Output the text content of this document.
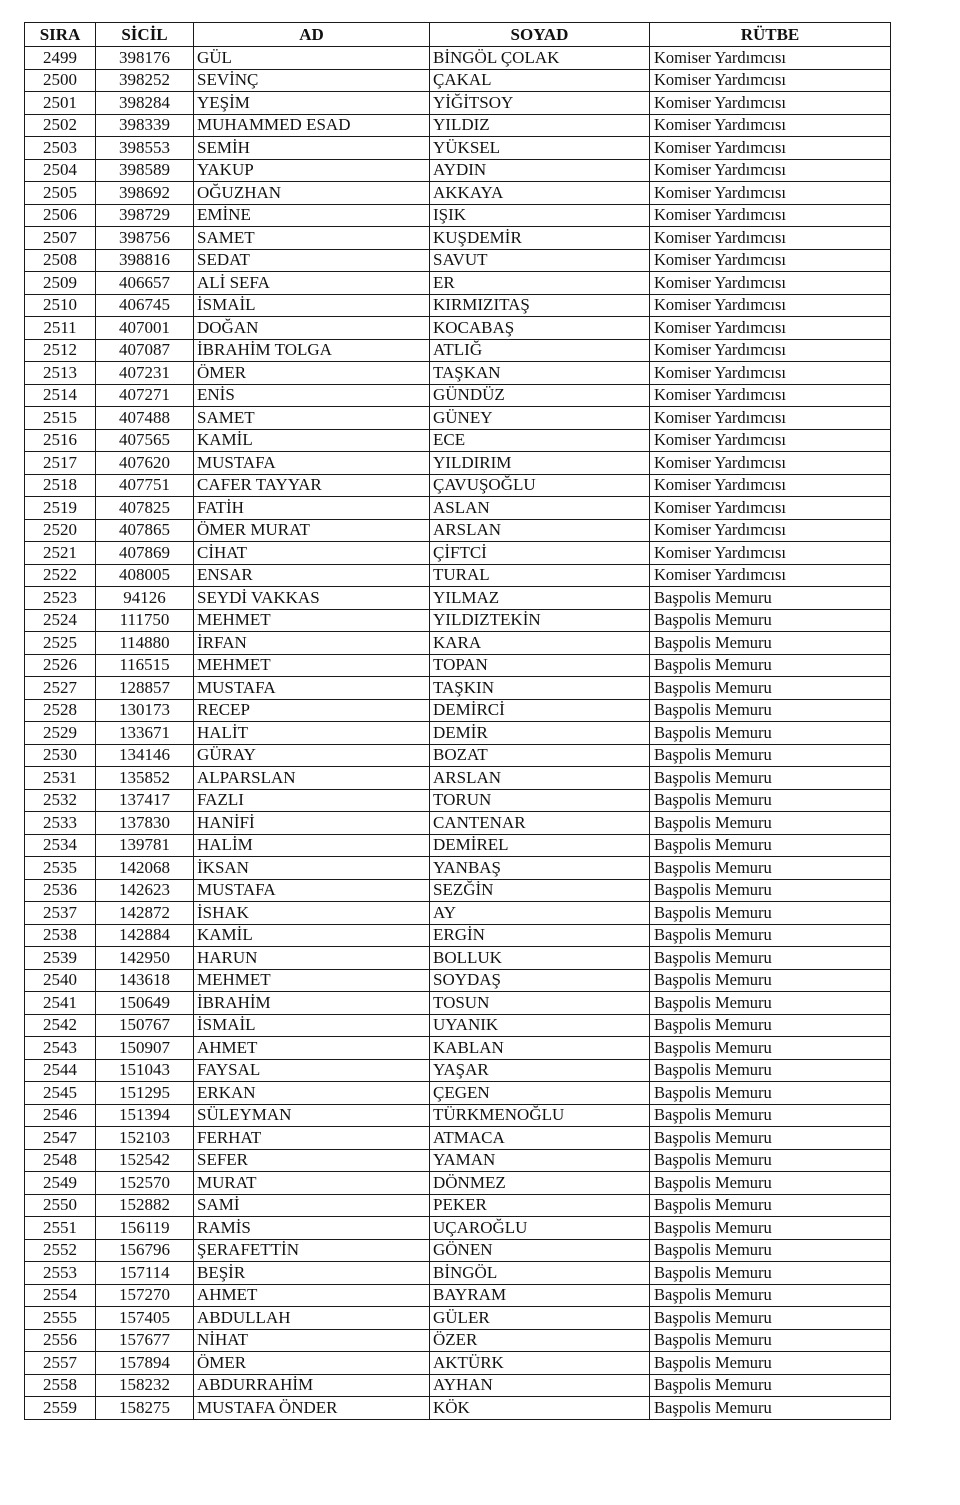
SIRA	SİCİL	AD	SOYAD	RÜTBE
2499	398176	GÜL	BİNGÖL ÇOLAK	Komiser Yardımcısı
2500	398252	SEVİNÇ	ÇAKAL	Komiser Yardımcısı
2501	398284	YEŞİM	YİĞİTSOY	Komiser Yardımcısı
2502	398339	MUHAMMED ESAD	YILDIZ	Komiser Yardımcısı
2503	398553	SEMİH	YÜKSEL	Komiser Yardımcısı
2504	398589	YAKUP	AYDIN	Komiser Yardımcısı
2505	398692	OĞUZHAN	AKKAYA	Komiser Yardımcısı
2506	398729	EMİNE	IŞIK	Komiser Yardımcısı
2507	398756	SAMET	KUŞDEMİR	Komiser Yardımcısı
2508	398816	SEDAT	SAVUT	Komiser Yardımcısı
2509	406657	ALİ SEFA	ER	Komiser Yardımcısı
2510	406745	İSMAİL	KIRMIZITAŞ	Komiser Yardımcısı
2511	407001	DOĞAN	KOCABAŞ	Komiser Yardımcısı
2512	407087	İBRAHİM TOLGA	ATLIĞ	Komiser Yardımcısı
2513	407231	ÖMER	TAŞKAN	Komiser Yardımcısı
2514	407271	ENİS	GÜNDÜZ	Komiser Yardımcısı
2515	407488	SAMET	GÜNEY	Komiser Yardımcısı
2516	407565	KAMİL	ECE	Komiser Yardımcısı
2517	407620	MUSTAFA	YILDIRIM	Komiser Yardımcısı
2518	407751	CAFER TAYYAR	ÇAVUŞOĞLU	Komiser Yardımcısı
2519	407825	FATİH	ASLAN	Komiser Yardımcısı
2520	407865	ÖMER MURAT	ARSLAN	Komiser Yardımcısı
2521	407869	CİHAT	ÇİFTCİ	Komiser Yardımcısı
2522	408005	ENSAR	TURAL	Komiser Yardımcısı
2523	94126	SEYDİ VAKKAS	YILMAZ	Başpolis Memuru
2524	111750	MEHMET	YILDIZTEKİN	Başpolis Memuru
2525	114880	İRFAN	KARA	Başpolis Memuru
2526	116515	MEHMET	TOPAN	Başpolis Memuru
2527	128857	MUSTAFA	TAŞKIN	Başpolis Memuru
2528	130173	RECEP	DEMİRCİ	Başpolis Memuru
2529	133671	HALİT	DEMİR	Başpolis Memuru
2530	134146	GÜRAY	BOZAT	Başpolis Memuru
2531	135852	ALPARSLAN	ARSLAN	Başpolis Memuru
2532	137417	FAZLI	TORUN	Başpolis Memuru
2533	137830	HANİFİ	CANTENAR	Başpolis Memuru
2534	139781	HALİM	DEMİREL	Başpolis Memuru
2535	142068	İKSAN	YANBAŞ	Başpolis Memuru
2536	142623	MUSTAFA	SEZĞİN	Başpolis Memuru
2537	142872	İSHAK	AY	Başpolis Memuru
2538	142884	KAMİL	ERGİN	Başpolis Memuru
2539	142950	HARUN	BOLLUK	Başpolis Memuru
2540	143618	MEHMET	SOYDAŞ	Başpolis Memuru
2541	150649	İBRAHİM	TOSUN	Başpolis Memuru
2542	150767	İSMAİL	UYANIK	Başpolis Memuru
2543	150907	AHMET	KABLAN	Başpolis Memuru
2544	151043	FAYSAL	YAŞAR	Başpolis Memuru
2545	151295	ERKAN	ÇEGEN	Başpolis Memuru
2546	151394	SÜLEYMAN	TÜRKMENOĞLU	Başpolis Memuru
2547	152103	FERHAT	ATMACA	Başpolis Memuru
2548	152542	SEFER	YAMAN	Başpolis Memuru
2549	152570	MURAT	DÖNMEZ	Başpolis Memuru
2550	152882	SAMİ	PEKER	Başpolis Memuru
2551	156119	RAMİS	UÇAROĞLU	Başpolis Memuru
2552	156796	ŞERAFETTİN	GÖNEN	Başpolis Memuru
2553	157114	BEŞİR	BİNGÖL	Başpolis Memuru
2554	157270	AHMET	BAYRAM	Başpolis Memuru
2555	157405	ABDULLAH	GÜLER	Başpolis Memuru
2556	157677	NİHAT	ÖZER	Başpolis Memuru
2557	157894	ÖMER	AKTÜRK	Başpolis Memuru
2558	158232	ABDURRAHİM	AYHAN	Başpolis Memuru
2559	158275	MUSTAFA ÖNDER	KÖK	Başpolis Memuru
